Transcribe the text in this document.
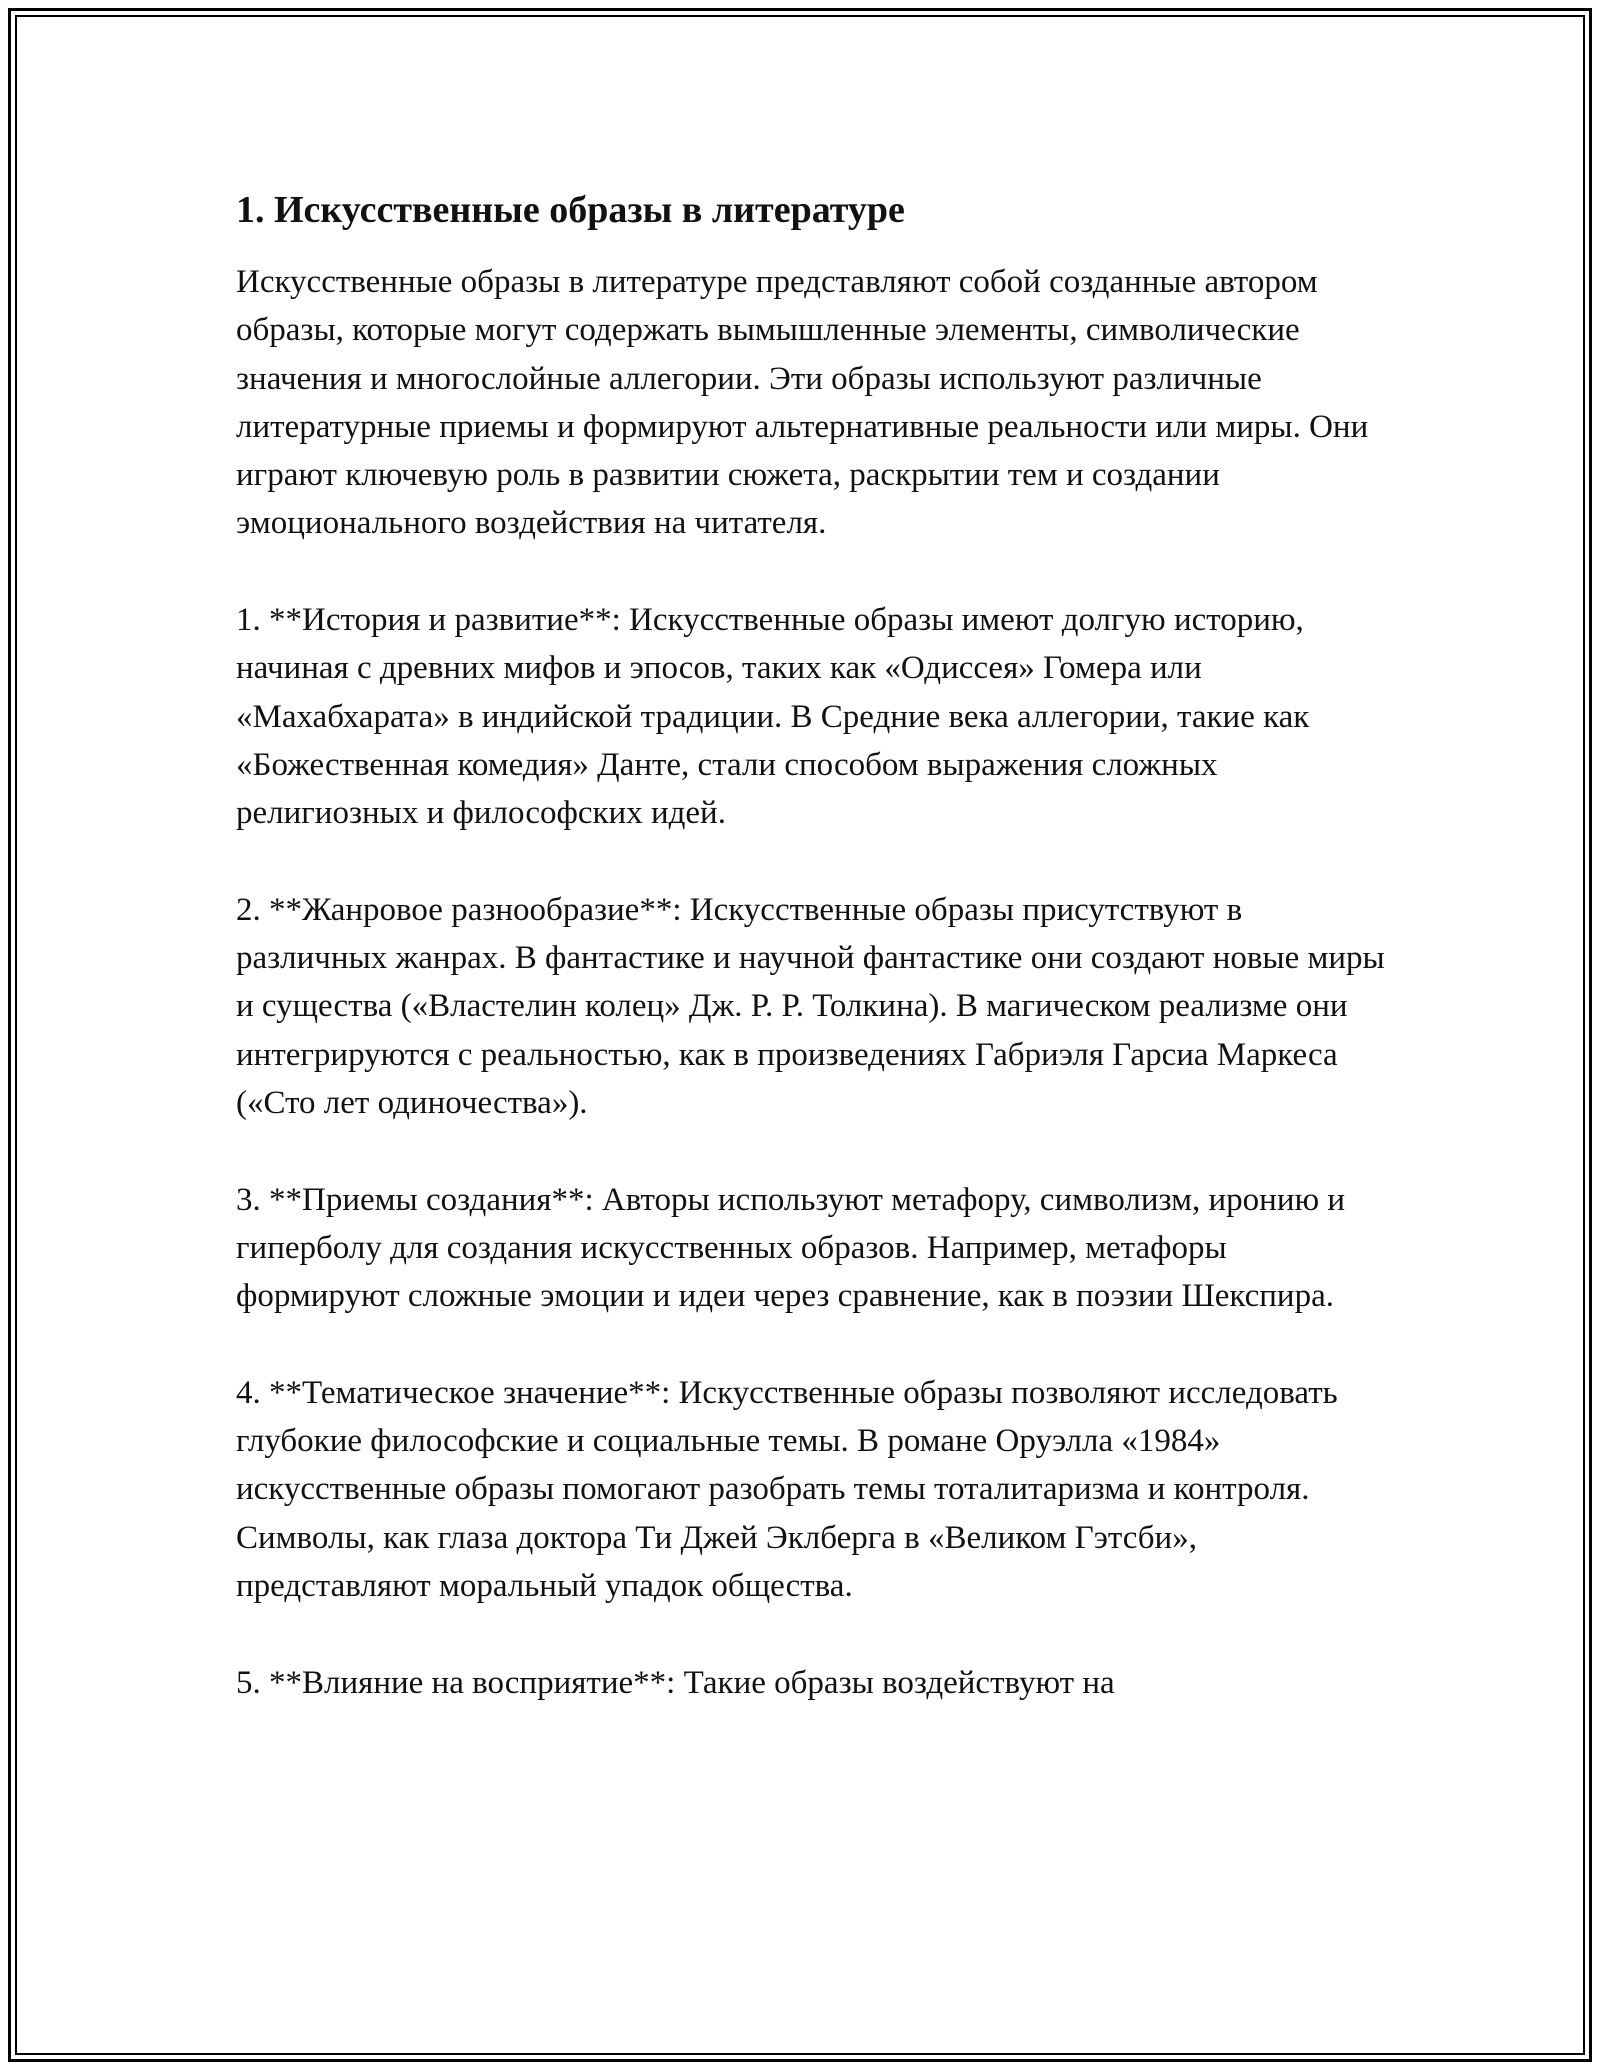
1. Искусственные образы в литературе

Искусственные образы в литературе представляют собой созданные автором образы, которые могут содержать вымышленные элементы, символические значения и многослойные аллегории. Эти образы используют различные литературные приемы и формируют альтернативные реальности или миры. Они играют ключевую роль в развитии сюжета, раскрытии тем и создании эмоционального воздействия на читателя.

1. **История и развитие**: Искусственные образы имеют долгую историю, начиная с древних мифов и эпосов, таких как «Одиссея» Гомера или «Махабхарата» в индийской традиции. В Средние века аллегории, такие как «Божественная комедия» Данте, стали способом выражения сложных религиозных и философских идей.

2. **Жанровое разнообразие**: Искусственные образы присутствуют в различных жанрах. В фантастике и научной фантастике они создают новые миры и существа («Властелин колец» Дж. Р. Р. Толкина). В магическом реализме они интегрируются с реальностью, как в произведениях Габриэля Гарсиа Маркеса («Сто лет одиночества»).

3. **Приемы создания**: Авторы используют метафору, символизм, иронию и гиперболу для создания искусственных образов. Например, метафоры формируют сложные эмоции и идеи через сравнение, как в поэзии Шекспира.

4. **Тематическое значение**: Искусственные образы позволяют исследовать глубокие философские и социальные темы. В романе Оруэлла «1984» искусственные образы помогают разобрать темы тоталитаризма и контроля. Символы, как глаза доктора Ти Джей Эклберга в «Великом Гэтсби», представляют моральный упадок общества.

5. **Влияние на восприятие**: Такие образы воздействуют на
